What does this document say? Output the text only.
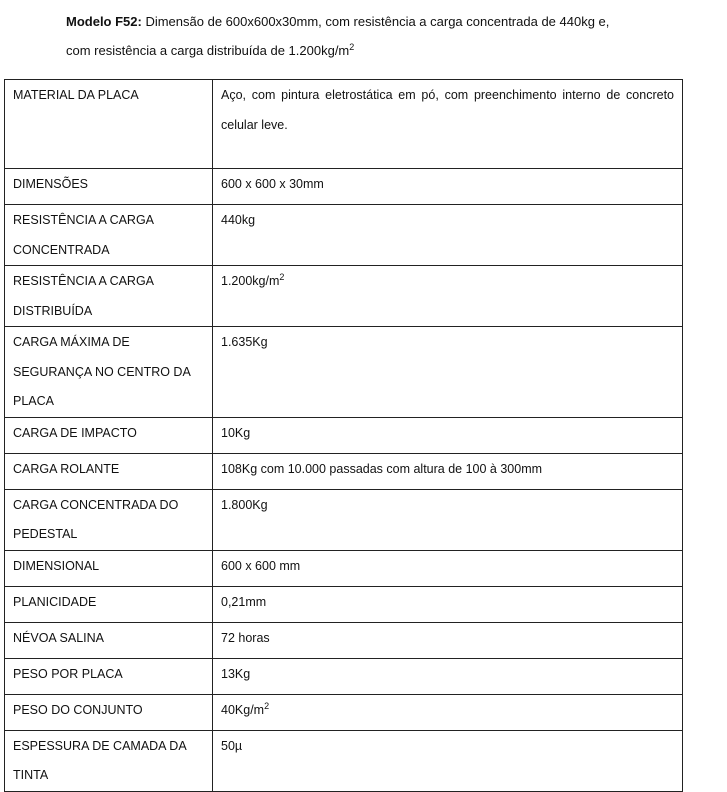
Modelo F52: Dimensão de 600x600x30mm, com resistência a carga concentrada de 440kg e,
com resistência a carga distribuída de $1.200kg/m^2$
MATERIAL DA PLACA	Aço, com pintura eletrostática em pó, com preenchimento interno de concreto celular leve.
DIMENSÕES	600 x 600 x 30mm
RESISTÊNCIA A CARGA CONCENTRADA	440kg
RESISTÊNCIA A CARGA DISTRIBUÍDA	$1.200kg/m^2$
CARGA MÁXIMA DE SEGURANÇA NO CENTRO DA PLACA	1.635Kg
CARGA DE IMPACTO	10Kg
CARGA ROLANTE	108Kg com 10.000 passadas com altura de 100 à 300mm
CARGA CONCENTRADA DO PEDESTAL	1.800Kg
DIMENSIONAL	600 x 600 mm
PLANICIDADE	0,21mm
NÉVOA SALINA	72 horas
PESO POR PLACA	13Kg
PESO DO CONJUNTO	$40Kg/m^2$
ESPESSURA DE CAMADA DA TINTA	50µ
